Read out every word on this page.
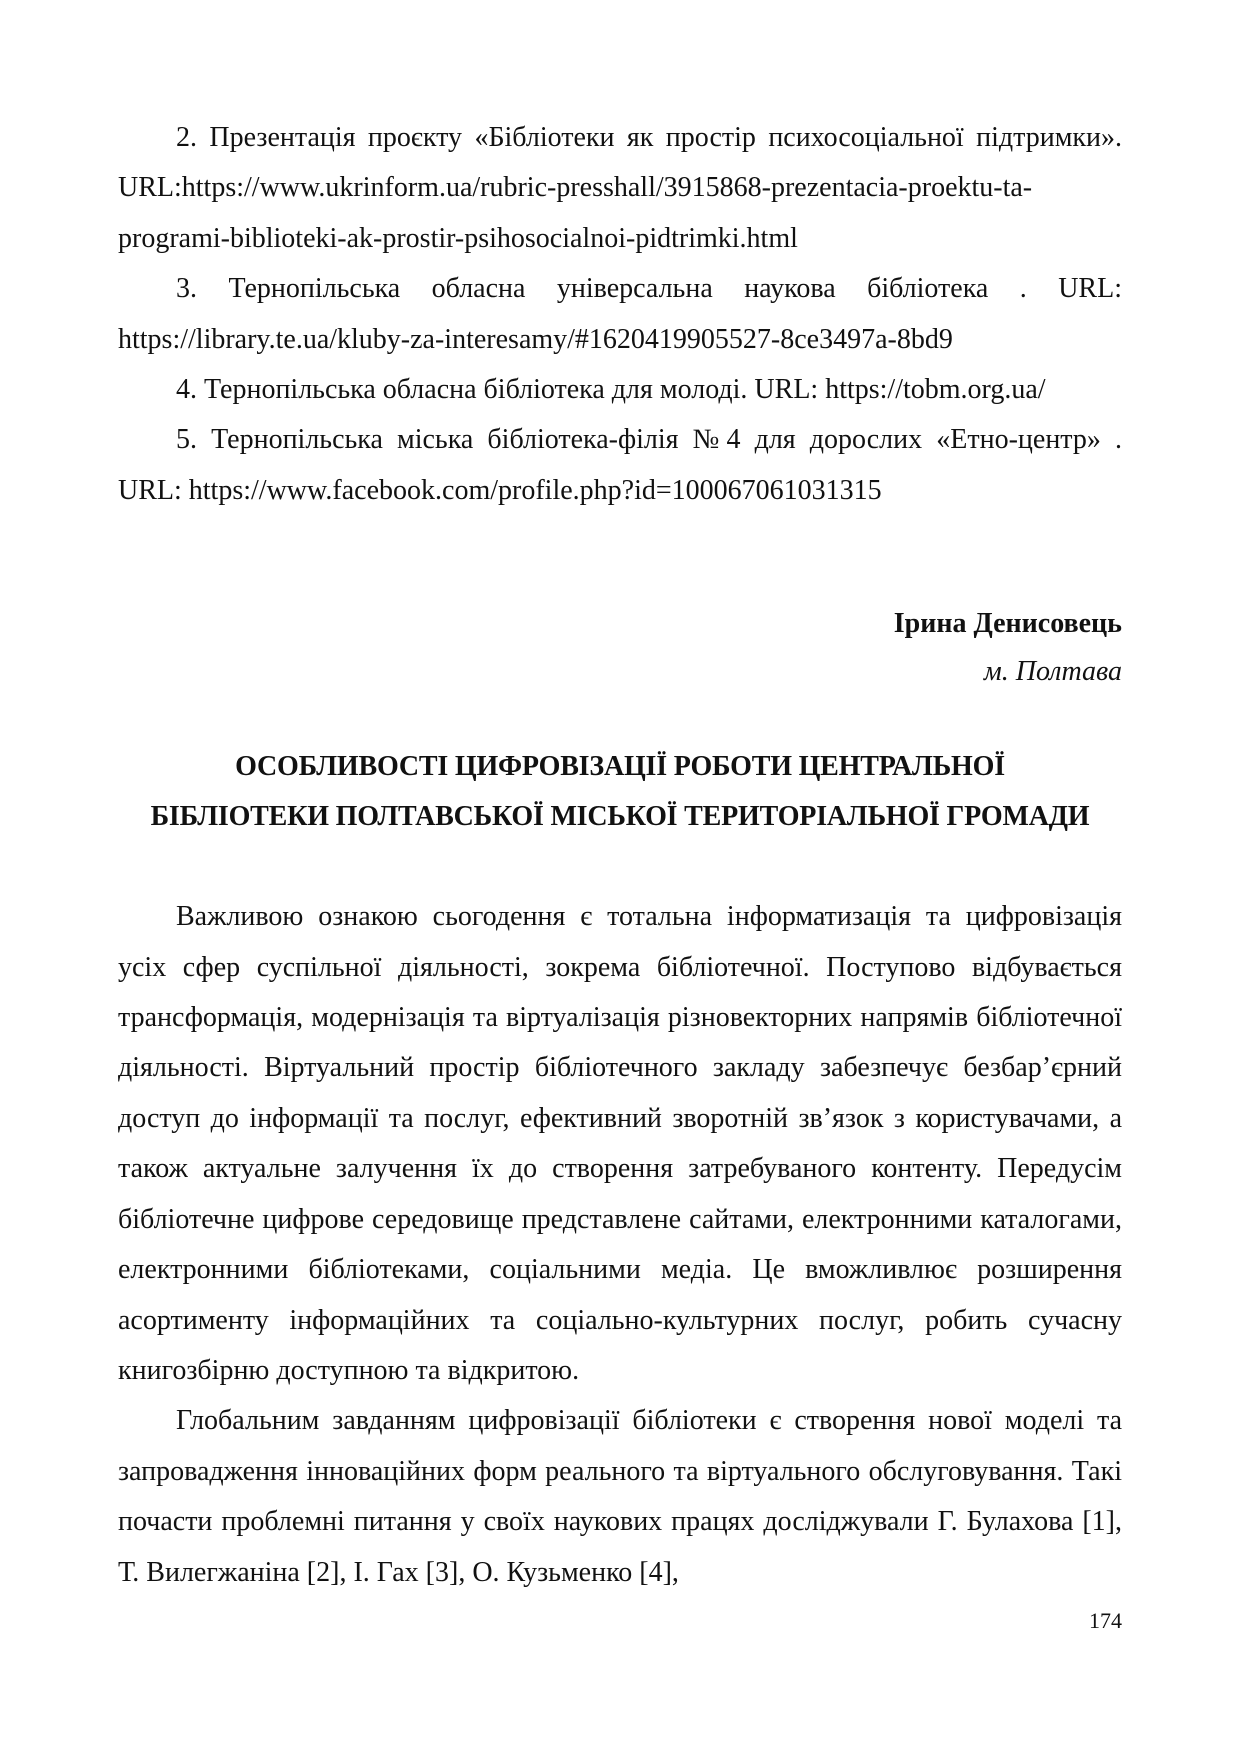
2. Презентація проєкту «Бібліотеки як простір психосоціальної підтримки». URL:https://www.ukrinform.ua/rubric-presshall/3915868-prezentacia-proektu-ta-programi-biblioteki-ak-prostir-psihosocialnoi-pidtrimki.html

3. Тернопільська обласна універсальна наукова бібліотека . URL: https://library.te.ua/kluby-za-interesamy/#1620419905527-8ce3497a-8bd9

4. Тернопільська обласна бібліотека для молоді. URL: https://tobm.org.ua/

5. Тернопільська міська бібліотека-філія №4 для дорослих «Етно-центр» . URL: https://www.facebook.com/profile.php?id=100067061031315

Ірина Денисовець
м. Полтава
ОСОБЛИВОСТІ ЦИФРОВІЗАЦІЇ РОБОТИ ЦЕНТРАЛЬНОЇ
БІБЛІОТЕКИ ПОЛТАВСЬКОЇ МІСЬКОЇ ТЕРИТОРІАЛЬНОЇ ГРОМАДИ

Важливою ознакою сьогодення є тотальна інформатизація та цифровізація усіх сфер суспільної діяльності, зокрема бібліотечної. Поступово відбувається трансформація, модернізація та віртуалізація різновекторних напрямів бібліотечної діяльності. Віртуальний простір бібліотечного закладу забезпечує безбар’єрний доступ до інформації та послуг, ефективний зворотній зв’язок з користувачами, а також актуальне залучення їх до створення затребуваного контенту. Передусім бібліотечне цифрове середовище представлене сайтами, електронними каталогами, електронними бібліотеками, соціальними медіа. Це вможливлює розширення асортименту інформаційних та соціально-культурних послуг, робить сучасну книгозбірню доступною та відкритою.

Глобальним завданням цифровізації бібліотеки є створення нової моделі та запровадження інноваційних форм реального та віртуального обслуговування. Такі почасти проблемні питання у своїх наукових працях досліджували Г. Булахова [1], Т. Вилегжаніна [2], І. Гах [3], О. Кузьменко [4],

174
